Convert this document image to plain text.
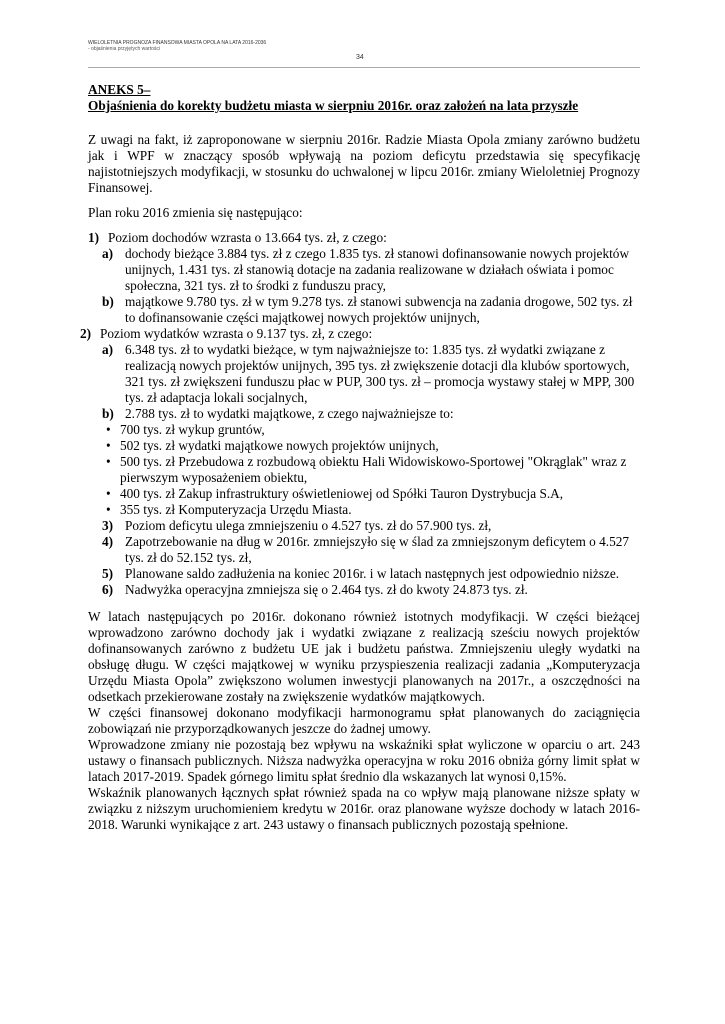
WIELOLETNIA PROGNOZA FINANSOWA MIASTA OPOLA NA LATA 2016-2036
- objaśnienia przyjętych wartości
34
ANEKS 5–
Objaśnienia do korekty budżetu miasta w sierpniu 2016r. oraz założeń na lata przyszłe

Z uwagi na fakt, iż zaproponowane w sierpniu 2016r. Radzie Miasta Opola zmiany zarówno budżetu jak i WPF w znaczący sposób wpływają na poziom deficytu przedstawia się specyfikację najistotniejszych modyfikacji, w stosunku do uchwalonej w lipcu 2016r. zmiany Wieloletniej Prognozy Finansowej.

Plan roku 2016 zmienia się następująco:

1) Poziom dochodów wzrasta o 13.664 tys. zł, z czego:
a) dochody bieżące 3.884 tys. zł z czego 1.835 tys. zł stanowi dofinansowanie nowych projektów unijnych, 1.431 tys. zł stanowią dotacje na zadania realizowane w działach oświata i pomoc społeczna, 321 tys. zł to środki z funduszu pracy,
b) majątkowe 9.780 tys. zł w tym 9.278 tys. zł stanowi subwencja na zadania drogowe, 502 tys. zł to dofinansowanie części majątkowej nowych projektów unijnych,
2) Poziom wydatków wzrasta o 9.137 tys. zł, z czego:
a) 6.348 tys. zł to wydatki bieżące, w tym najważniejsze to: 1.835 tys. zł wydatki związane z realizacją nowych projektów unijnych, 395 tys. zł zwiększenie dotacji dla klubów sportowych, 321 tys. zł zwiększeni funduszu płac w PUP, 300 tys. zł – promocja wystawy stałej w MPP, 300 tys. zł adaptacja lokali socjalnych,
b) 2.788 tys. zł to wydatki majątkowe, z czego najważniejsze to:
• 700 tys. zł wykup gruntów,
• 502 tys. zł wydatki majątkowe nowych projektów unijnych,
• 500 tys. zł Przebudowa z rozbudową obiektu Hali Widowiskowo-Sportowej "Okrąglak" wraz z pierwszym wyposażeniem obiektu,
• 400 tys. zł Zakup infrastruktury oświetleniowej od Spółki Tauron Dystrybucja S.A,
• 355 tys. zł Komputeryzacja Urzędu Miasta.
3) Poziom deficytu ulega zmniejszeniu o 4.527 tys. zł do 57.900 tys. zł,
4) Zapotrzebowanie na dług w 2016r. zmniejszyło się w ślad za zmniejszonym deficytem o 4.527 tys. zł do 52.152 tys. zł,
5) Planowane saldo zadłużenia na koniec 2016r. i w latach następnych jest odpowiednio niższe.
6) Nadwyżka operacyjna zmniejsza się o 2.464 tys. zł do kwoty 24.873 tys. zł.

W latach następujących po 2016r. dokonano również istotnych modyfikacji. W części bieżącej wprowadzono zarówno dochody jak i wydatki związane z realizacją sześciu nowych projektów dofinansowanych zarówno z budżetu UE jak i budżetu państwa. Zmniejszeniu uległy wydatki na obsługę długu. W części majątkowej w wyniku przyspieszenia realizacji zadania „Komputeryzacja Urzędu Miasta Opola” zwiększono wolumen inwestycji planowanych na 2017r., a oszczędności na odsetkach przekierowane zostały na zwiększenie wydatków majątkowych.

W części finansowej dokonano modyfikacji harmonogramu spłat planowanych do zaciągnięcia zobowiązań nie przyporządkowanych jeszcze do żadnej umowy.

Wprowadzone zmiany nie pozostają bez wpływu na wskaźniki spłat wyliczone w oparciu o art. 243 ustawy o finansach publicznych. Niższa nadwyżka operacyjna w roku 2016 obniża górny limit spłat w latach 2017-2019. Spadek górnego limitu spłat średnio dla wskazanych lat wynosi 0,15%.

Wskaźnik planowanych łącznych spłat również spada na co wpływ mają planowane niższe spłaty w związku z niższym uruchomieniem kredytu w 2016r. oraz planowane wyższe dochody w latach 2016-2018. Warunki wynikające z art. 243 ustawy o finansach publicznych pozostają spełnione.
